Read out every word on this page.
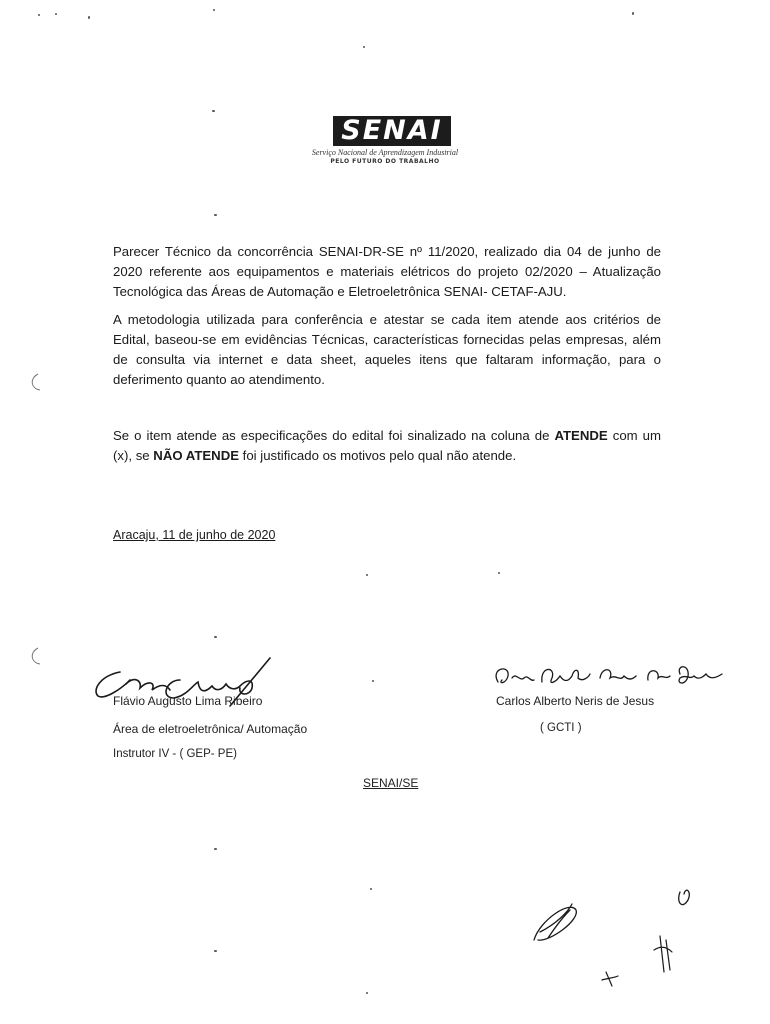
SENAI
Serviço Nacional de Aprendizagem Industrial
PELO FUTURO DO TRABALHO
Parecer Técnico da concorrência SENAI-DR-SE nº 11/2020, realizado dia 04 de junho de 2020 referente aos equipamentos e materiais elétricos do projeto 02/2020 – Atualização Tecnológica das Áreas de Automação e Eletroeletrônica SENAI- CETAF-AJU.
A metodologia utilizada para conferência e atestar se cada item atende aos critérios de Edital, baseou-se em evidências Técnicas, características fornecidas pelas empresas, além de consulta via internet e data sheet, aqueles itens que faltaram informação, para o deferimento quanto ao atendimento.
Se o item atende as especificações do edital foi sinalizado na coluna de ATENDE com um (x), se NÃO ATENDE foi justificado os motivos pelo qual não atende.
Aracaju, 11 de junho de 2020
Flávio Augusto Lima Ribeiro
Área de eletroeletrônica/ Automação
Instrutor IV - ( GEP- PE)
Carlos Alberto Neris de Jesus
( GCTI )
SENAI/SE
